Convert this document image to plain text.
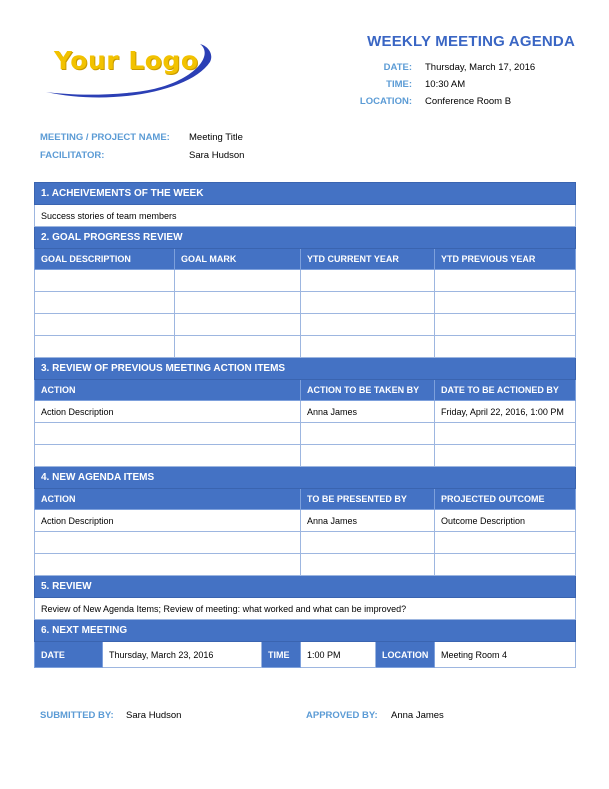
Your Logo
WEEKLY MEETING AGENDA
DATE: Thursday, March 17, 2016
TIME: 10:30 AM
LOCATION: Conference Room B
MEETING / PROJECT NAME: Meeting Title
FACILITATOR:	Sara Hudson
1. ACHEIVEMENTS OF THE WEEK						
Success stories of team members						
2. GOAL PROGRESS REVIEW						
GOAL DESCRIPTION		GOAL MARK		YTD CURRENT YEAR		YTD PREVIOUS YEAR

3. REVIEW OF PREVIOUS MEETING ACTION ITEMS						
ACTION				ACTION TO BE TAKEN BY		DATE TO BE ACTIONED BY
Action Description				Anna James		Friday, April 22, 2016, 1:00 PM

4. NEW AGENDA ITEMS						
ACTION				TO BE PRESENTED BY		PROJECTED OUTCOME
Action Description				Anna James		Outcome Description

5. REVIEW						
Review of New Agenda Items; Review of meeting: what worked and what can be improved?						
6. NEXT MEETING						
DATE	Thursday, March 23, 2016		TIME	1:00 PM	LOCATION	Meeting Room 4
SUBMITTED BY: Sara Hudson	APPROVED BY: Anna James
